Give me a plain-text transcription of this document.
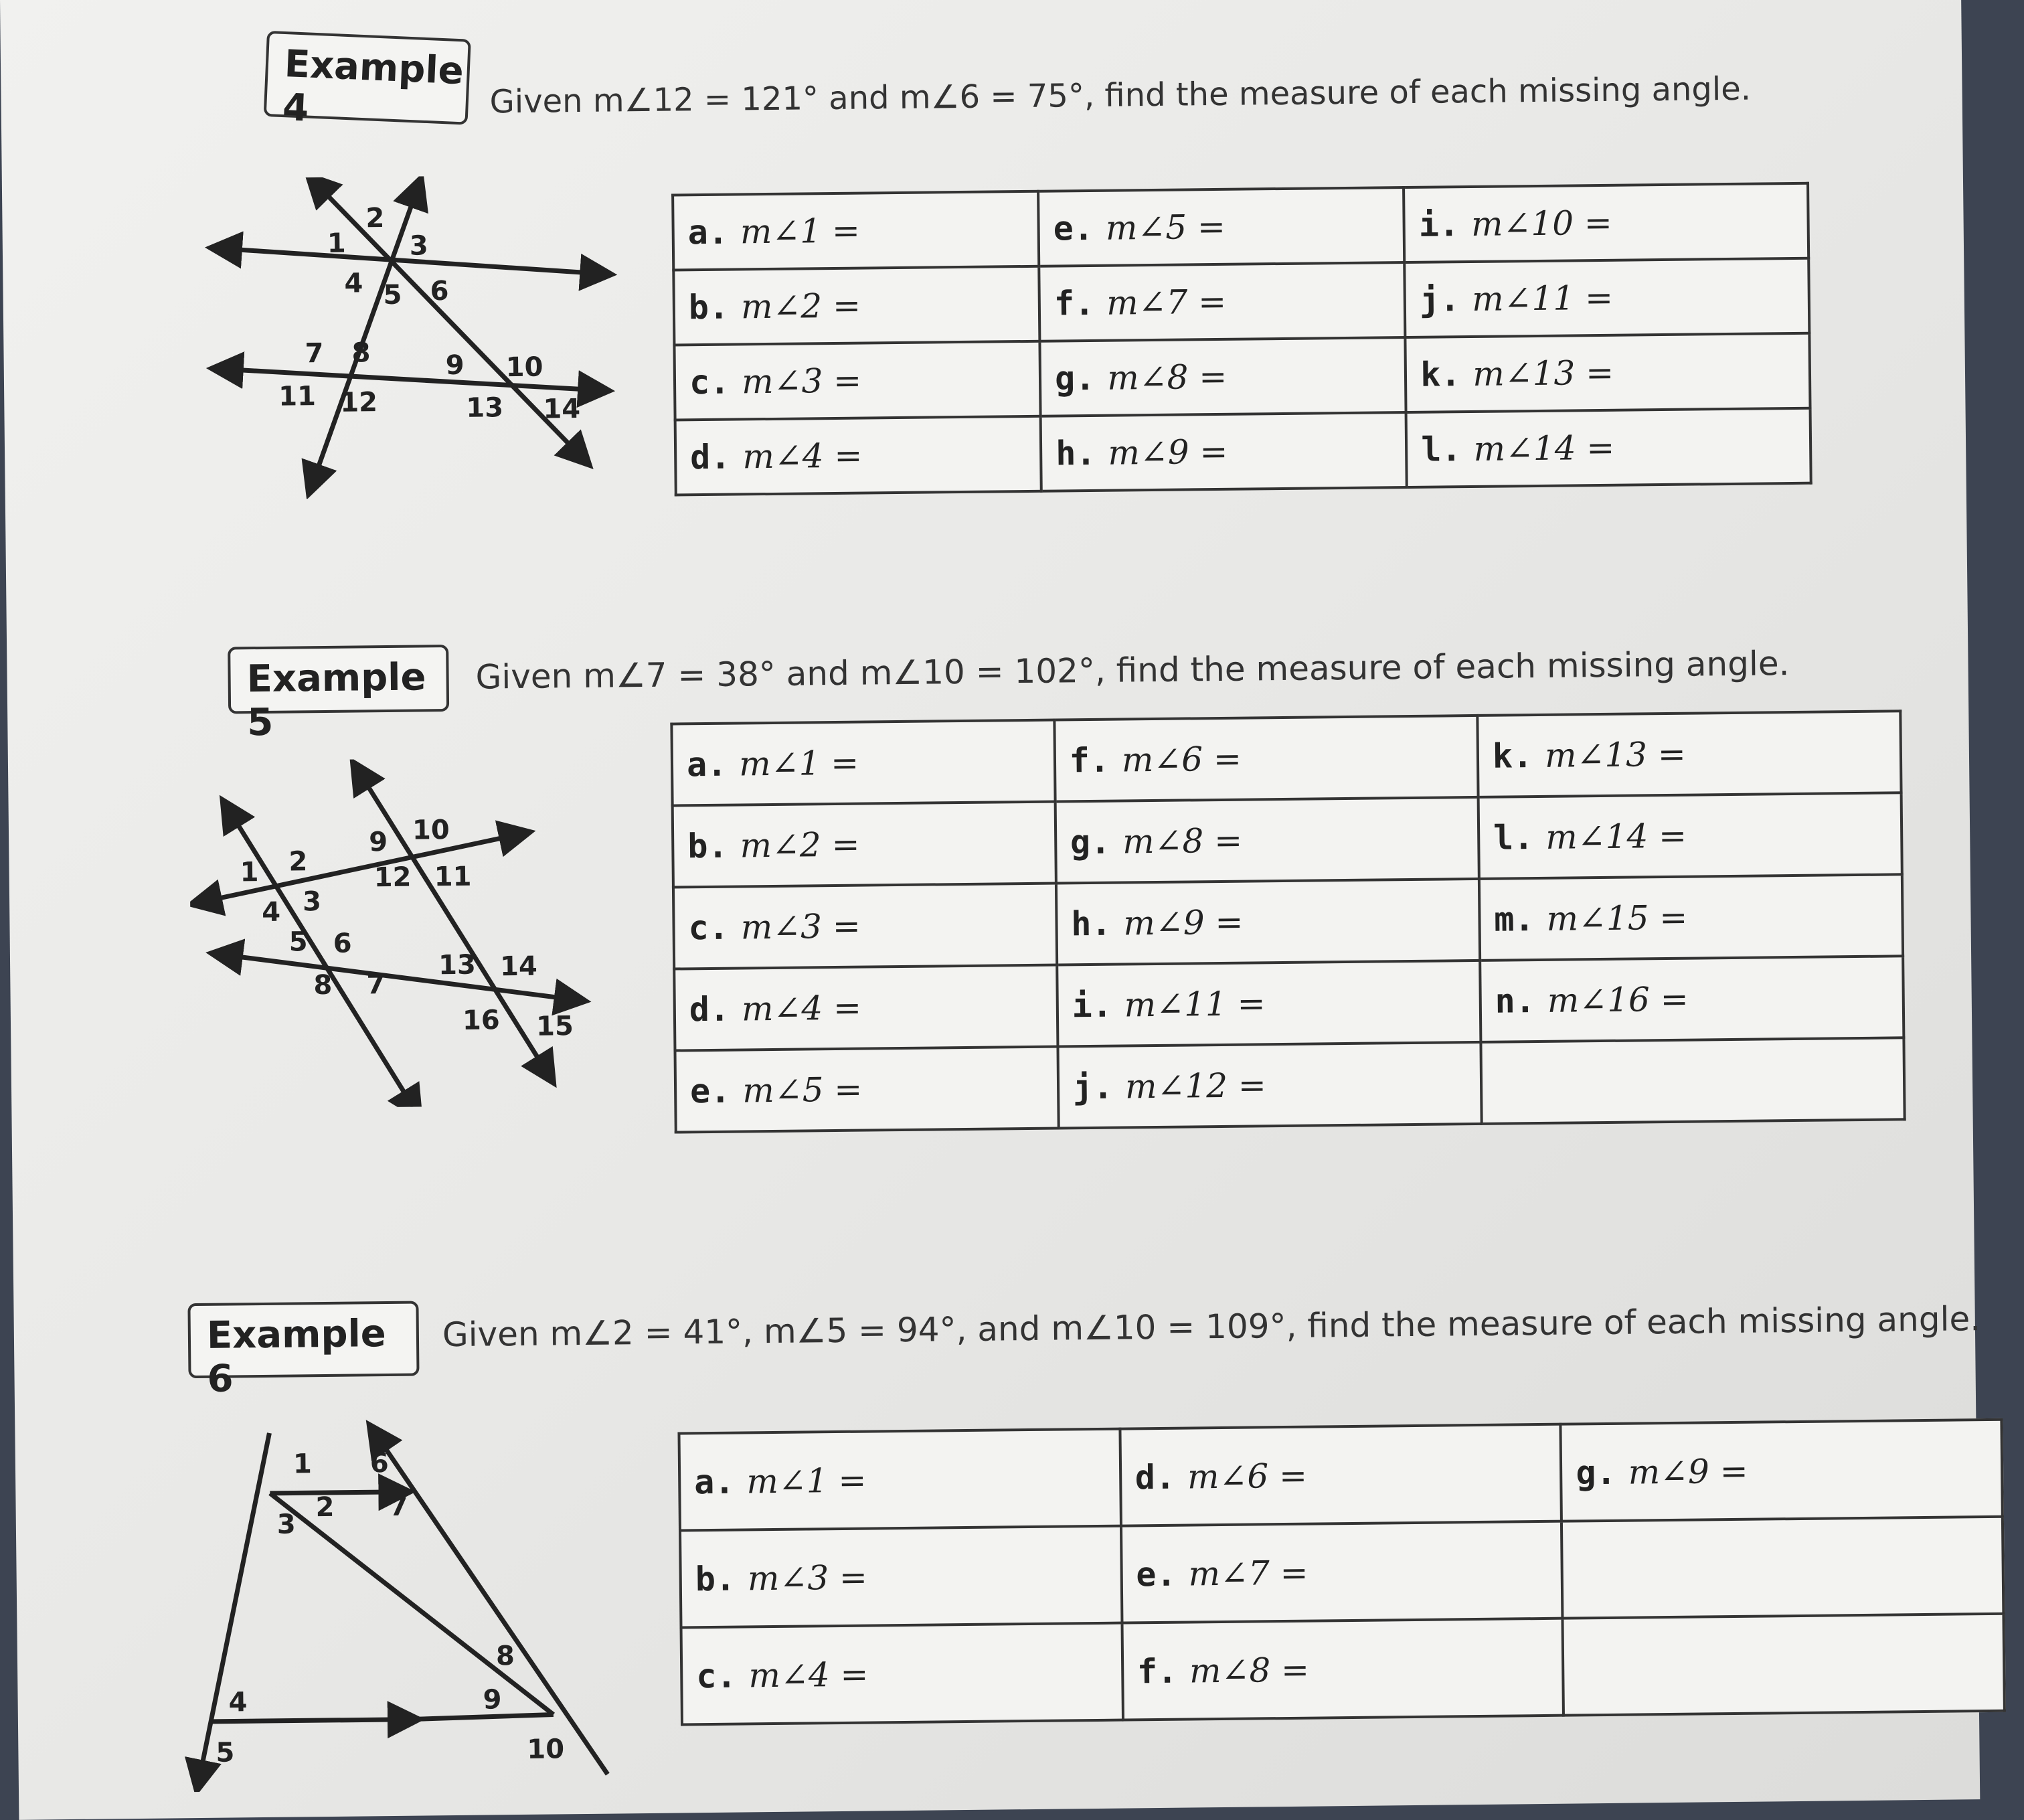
Example 4	Given m∠12 = 121° and m∠6 = 75°, find the measure of each missing angle.
1
2
3
4 5 6
7 8	9 10
11 12	13 14
a. m∠1 =	e. m∠5 =	i. m∠10 =
b. m∠2 =	f. m∠7 =	j. m∠11 =
c. m∠3 =	g. m∠8 =	k. m∠13 =
d. m∠4 =	h. m∠9 =	l. m∠14 =
Example 5
Given m∠7 = 38° and m∠10 = 102°, find the measure of each missing angle.
1 2
3
4
5 6
7
8
9 10
11
12
13 14
15
16
a. m∠1 =	f. m∠6 =	k. m∠13 =
b. m∠2 =	g. m∠8 =	l. m∠14 =
c. m∠3 =	h. m∠9 =	m. m∠15 =
d. m∠4 =	i. m∠11 =	n. m∠16 =
e. m∠5 =	j. m∠12 =	
Example 6
Given m∠2 = 41°, m∠5 = 94°, and m∠10 = 109°, find the measure of each missing angle.
1
2
3
4
5
6
7
8
9
10
a. m∠1 =	d. m∠6 =	g. m∠9 =
b. m∠3 =	e. m∠7 =	
c. m∠4 =	f. m∠8 =	
